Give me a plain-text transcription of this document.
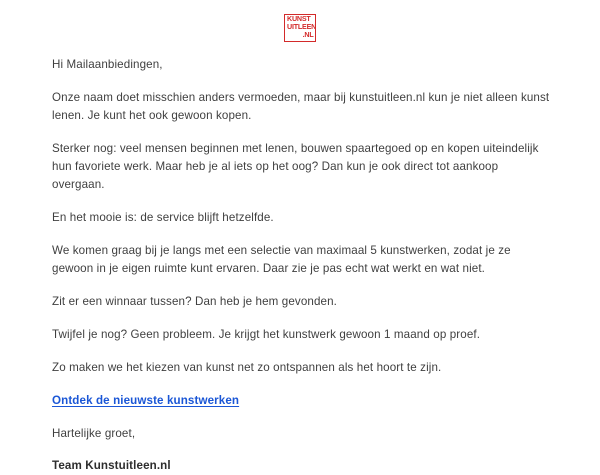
KUNST
UITLEEN
.NL

Hi Mailaanbiedingen,

Onze naam doet misschien anders vermoeden, maar bij kunstuitleen.nl kun je niet alleen kunst lenen. Je kunt het ook gewoon kopen.

Sterker nog: veel mensen beginnen met lenen, bouwen spaartegoed op en kopen uiteindelijk hun favoriete werk. Maar heb je al iets op het oog? Dan kun je ook direct tot aankoop overgaan.

En het mooie is: de service blijft hetzelfde.

We komen graag bij je langs met een selectie van maximaal 5 kunstwerken, zodat je ze gewoon in je eigen ruimte kunt ervaren. Daar zie je pas echt wat werkt en wat niet.

Zit er een winnaar tussen? Dan heb je hem gevonden.

Twijfel je nog? Geen probleem. Je krijgt het kunstwerk gewoon 1 maand op proef.

Zo maken we het kiezen van kunst net zo ontspannen als het hoort te zijn.

Ontdek de nieuwste kunstwerken

Hartelijke groet,

Team Kunstuitleen.nl
